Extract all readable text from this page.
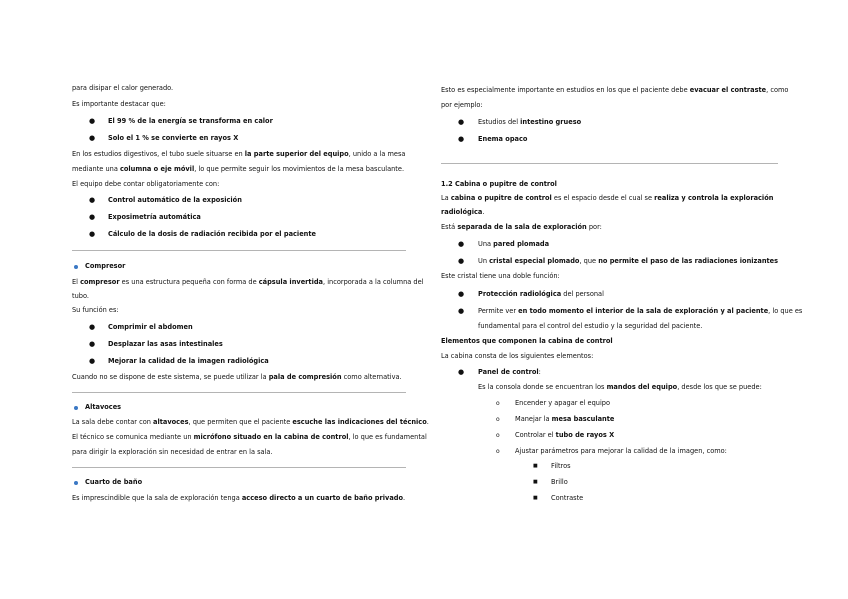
para disipar el calor generado.
Es importante destacar que:
● El 99 % de la energía se transforma en calor
● Solo el 1 % se convierte en rayos X
En los estudios digestivos, el tubo suele situarse en la parte superior del equipo, unido a la mesa
mediante una columna o eje móvil, lo que permite seguir los movimientos de la mesa basculante.
El equipo debe contar obligatoriamente con:
● Control automático de la exposición
● Exposimetría automática
● Cálculo de la dosis de radiación recibida por el paciente
Compresor
El compresor es una estructura pequeña con forma de cápsula invertida, incorporada a la columna del
tubo.
Su función es:
● Comprimir el abdomen
● Desplazar las asas intestinales
● Mejorar la calidad de la imagen radiológica
Cuando no se dispone de este sistema, se puede utilizar la pala de compresión como alternativa.
Altavoces
La sala debe contar con altavoces, que permiten que el paciente escuche las indicaciones del técnico.
El técnico se comunica mediante un micrófono situado en la cabina de control, lo que es fundamental
para dirigir la exploración sin necesidad de entrar en la sala.
Cuarto de baño
Es imprescindible que la sala de exploración tenga acceso directo a un cuarto de baño privado.
Esto es especialmente importante en estudios en los que el paciente debe evacuar el contraste, como
por ejemplo:
● Estudios del intestino grueso
● Enema opaco
1.2 Cabina o pupitre de control
La cabina o pupitre de control es el espacio desde el cual se realiza y controla la exploración
radiológica.
Está separada de la sala de exploración por:
● Una pared plomada
● Un cristal especial plomado, que no permite el paso de las radiaciones ionizantes
Este cristal tiene una doble función:
● Protección radiológica del personal
● Permite ver en todo momento el interior de la sala de exploración y al paciente, lo que es
fundamental para el control del estudio y la seguridad del paciente.
Elementos que componen la cabina de control
La cabina consta de los siguientes elementos:
● Panel de control:
Es la consola donde se encuentran los mandos del equipo, desde los que se puede:
o Encender y apagar el equipo
o Manejar la mesa basculante
o Controlar el tubo de rayos X
o Ajustar parámetros para mejorar la calidad de la imagen, como:
■ Filtros
■ Brillo
■ Contraste
